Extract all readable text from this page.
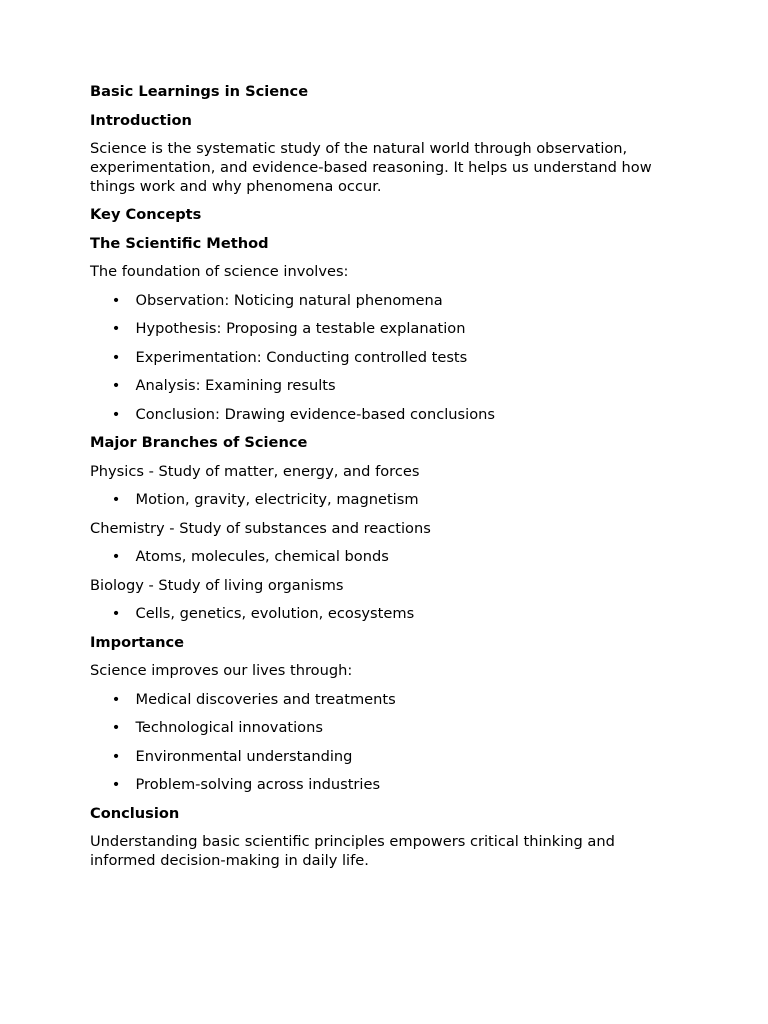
Basic Learnings in Science
Introduction
Science is the systematic study of the natural world through observation, experimentation, and evidence-based reasoning. It helps us understand how things work and why phenomena occur.
Key Concepts
The Scientific Method
The foundation of science involves:
• Observation: Noticing natural phenomena
• Hypothesis: Proposing a testable explanation
• Experimentation: Conducting controlled tests
• Analysis: Examining results
• Conclusion: Drawing evidence-based conclusions
Major Branches of Science
Physics - Study of matter, energy, and forces
• Motion, gravity, electricity, magnetism
Chemistry - Study of substances and reactions
• Atoms, molecules, chemical bonds
Biology - Study of living organisms
• Cells, genetics, evolution, ecosystems
Importance
Science improves our lives through:
• Medical discoveries and treatments
• Technological innovations
• Environmental understanding
• Problem-solving across industries
Conclusion
Understanding basic scientific principles empowers critical thinking and informed decision-making in daily life.
